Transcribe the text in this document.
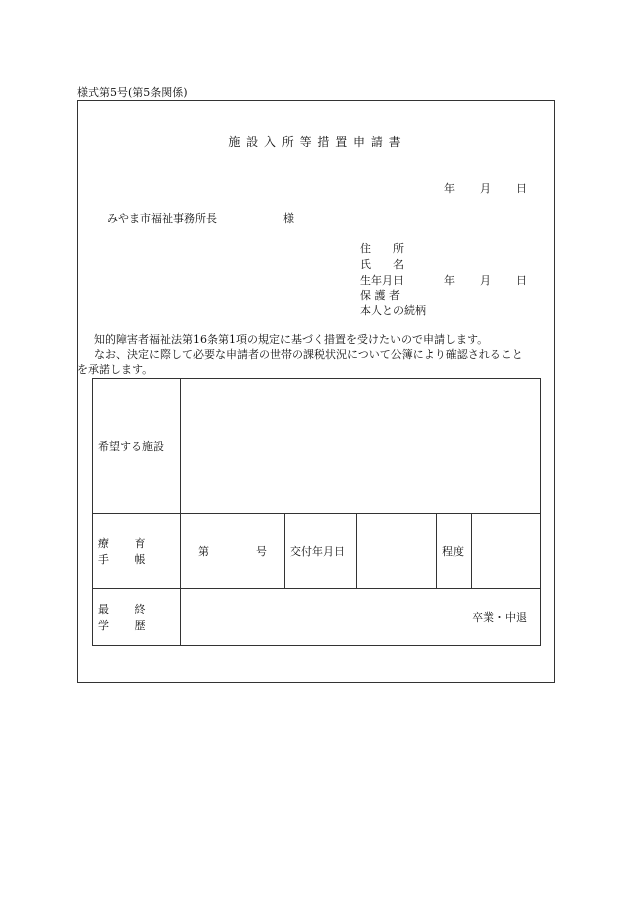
様式第5号(第5条関係)
施 設 入 所 等 措 置 申 請 書
年 月 日
みやま市福祉事務所長	様
住　　所
氏　　名
生年月日	年 月 日
保 護 者
本人との続柄
知的障害者福祉法第16条第1項の規定に基づく措置を受けたいので申請します。
なお、決定に際して必要な申請者の世帯の課税状況について公簿により確認されること
を承諾します。
希望する施設					
療 育 手 帳	第 号	交付年月日		程度	
最 終 学 歴	卒業・中退				
